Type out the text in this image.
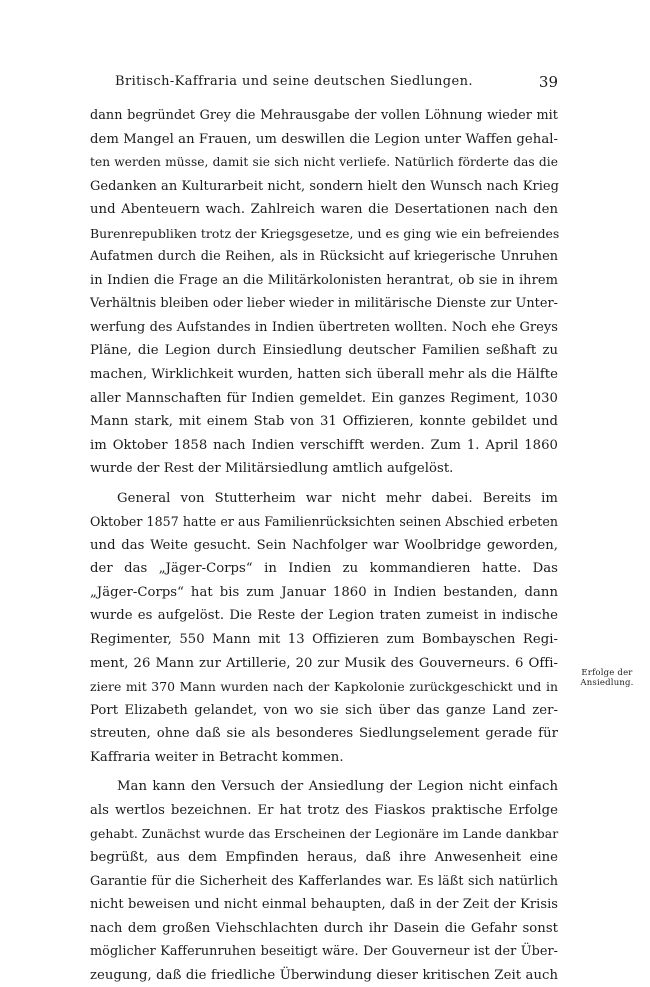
Britisch-Kaffraria und seine deutschen Siedlungen.	39
dann begründet Grey die Mehrausgabe der vollen Löhnung wieder mit
dem Mangel an Frauen, um deswillen die Legion unter Waffen gehal-
ten werden müsse, damit sie sich nicht verliefe. Natürlich förderte das die
Gedanken an Kulturarbeit nicht, sondern hielt den Wunsch nach Krieg
und Abenteuern wach. Zahlreich waren die Desertationen nach den
Burenrepubliken trotz der Kriegsgesetze, und es ging wie ein befreiendes
Aufatmen durch die Reihen, als in Rücksicht auf kriegerische Unruhen
in Indien die Frage an die Militärkolonisten herantrat, ob sie in ihrem
Verhältnis bleiben oder lieber wieder in militärische Dienste zur Unter-
werfung des Aufstandes in Indien übertreten wollten. Noch ehe Greys
Pläne, die Legion durch Einsiedlung deutscher Familien seßhaft zu
machen, Wirklichkeit wurden, hatten sich überall mehr als die Hälfte
aller Mannschaften für Indien gemeldet. Ein ganzes Regiment, 1030
Mann stark, mit einem Stab von 31 Offizieren, konnte gebildet und
im Oktober 1858 nach Indien verschifft werden. Zum 1. April 1860
wurde der Rest der Militärsiedlung amtlich aufgelöst.
General von Stutterheim war nicht mehr dabei. Bereits im
Oktober 1857 hatte er aus Familienrücksichten seinen Abschied erbeten
und das Weite gesucht. Sein Nachfolger war Woolbridge geworden,
der das „Jäger-Corps“ in Indien zu kommandieren hatte. Das
„Jäger-Corps“ hat bis zum Januar 1860 in Indien bestanden, dann
wurde es aufgelöst. Die Reste der Legion traten zumeist in indische
Regimenter, 550 Mann mit 13 Offizieren zum Bombayschen Regi-
ment, 26 Mann zur Artillerie, 20 zur Musik des Gouverneurs. 6 Offi-
ziere mit 370 Mann wurden nach der Kapkolonie zurückgeschickt und in
Port Elizabeth gelandet, von wo sie sich über das ganze Land zer-
streuten, ohne daß sie als besonderes Siedlungselement gerade für
Kaffraria weiter in Betracht kommen.
Man kann den Versuch der Ansiedlung der Legion nicht einfach
als wertlos bezeichnen. Er hat trotz des Fiaskos praktische Erfolge
gehabt. Zunächst wurde das Erscheinen der Legionäre im Lande dankbar
begrüßt, aus dem Empfinden heraus, daß ihre Anwesenheit eine
Garantie für die Sicherheit des Kafferlandes war. Es läßt sich natürlich
nicht beweisen und nicht einmal behaupten, daß in der Zeit der Krisis
nach dem großen Viehschlachten durch ihr Dasein die Gefahr sonst
möglicher Kafferunruhen beseitigt wäre. Der Gouverneur ist der Über-
zeugung, daß die friedliche Überwindung dieser kritischen Zeit auch
Erfolge der
Ansiedlung.
